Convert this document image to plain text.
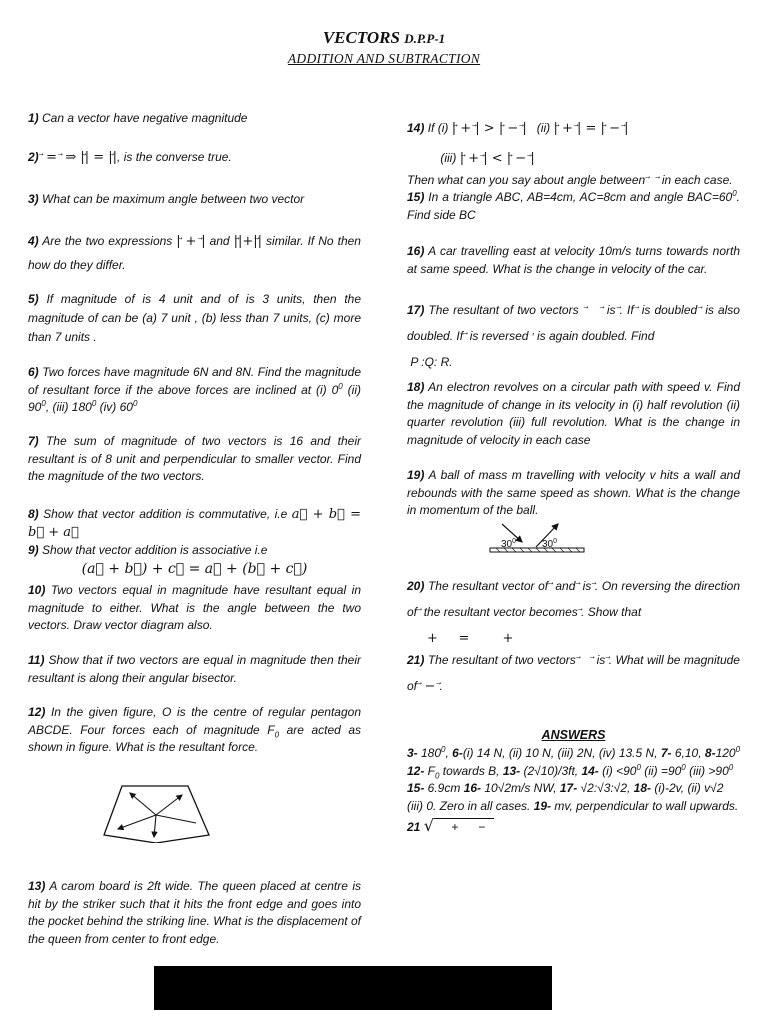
VECTORS D.P.P-1
ADDITION AND SUBTRACTION
1) Can a vector have negative magnitude
2) = ⇒ || = ||, is the converse true.
3) What can be maximum angle between two vector
4) Are the two expressions | + | and ||+|| similar. If No then how do they differ.
5) If magnitude of is 4 unit and of is 3 units, then the magnitude of can be (a) 7 unit , (b) less than 7 units, (c) more than 7 units .
6) Two forces have magnitude 6N and 8N. Find the magnitude of resultant force if the above forces are inclined at (i) $0^0$ (ii) $90^0$, (iii) $180^0$ (iv) $60^0$
7) The sum of magnitude of two vectors is 16 and their resultant is of 8 unit and perpendicular to smaller vector. Find the magnitude of the two vectors.
8) Show that vector addition is commutative, i.e a⃗ + b⃗ = b⃗ + a⃗
9) Show that vector addition is associative i.e
(a⃗ + b⃗) + c⃗ = a⃗ + (b⃗ + c⃗)
10) Two vectors equal in magnitude have resultant equal in magnitude to either. What is the angle between the two vectors. Draw vector diagram also.
11) Show that if two vectors are equal in magnitude then their resultant is along their angular bisector.
12) In the given figure, O is the centre of regular pentagon ABCDE. Four forces each of magnitude $F_0$ are acted as shown in figure. What is the resultant force.
13) A carom board is 2ft wide. The queen placed at centre is hit by the striker such that it hits the front edge and goes into the pocket behind the striking line. What is the displacement of the queen from center to front edge.
14) If (i) | + | > | − | (ii) | + | = | − |
(iii) | + | < | − |
Then what can you say about angle between in each case.
15) In a triangle ABC, AB=4cm, AC=8cm and angle $BAC=60^0$. Find side BC
16) A car travelling east at velocity 10m/s turns towards north at same speed. What is the change in velocity of the car.
17) The resultant of two vectors is . If is doubled is also doubled. If is reversed ′ is again doubled. Find
P :Q: R.
18) An electron revolves on a circular path with speed v. Find the magnitude of change in its velocity in (i) half revolution (ii) quarter revolution (iii) full revolution. What is the change in magnitude of velocity in each case
19) A ball of mass m travelling with velocity v hits a wall and rebounds with the same speed as shown. What is the change in momentum of the ball.
$30^0$	$30^0$
20) The resultant vector of and is . On reversing the direction of the resultant vector becomes . Show that
+     =        +
21) The resultant of two vectors is . What will be magnitude of − .
ANSWERS
3- $180^0$, 6-(i) 14 N, (ii) 10 N, (iii) 2N, (iv) 13.5 N, 7- 6,10, $8-120^0$
12- $F_0$ towards B, 13- (2√10)/3ft, 14- $(i) <90^0$ $(ii) =90^0$ $(iii) >90^0$
15- 6.9cm 16- 10√2m/s NW, 17- √2:√3:√2, 18- (i)-2v, (ii) v√2
(iii) 0. Zero in all cases. 19- mv, perpendicular to wall upwards.
21 √ + −
